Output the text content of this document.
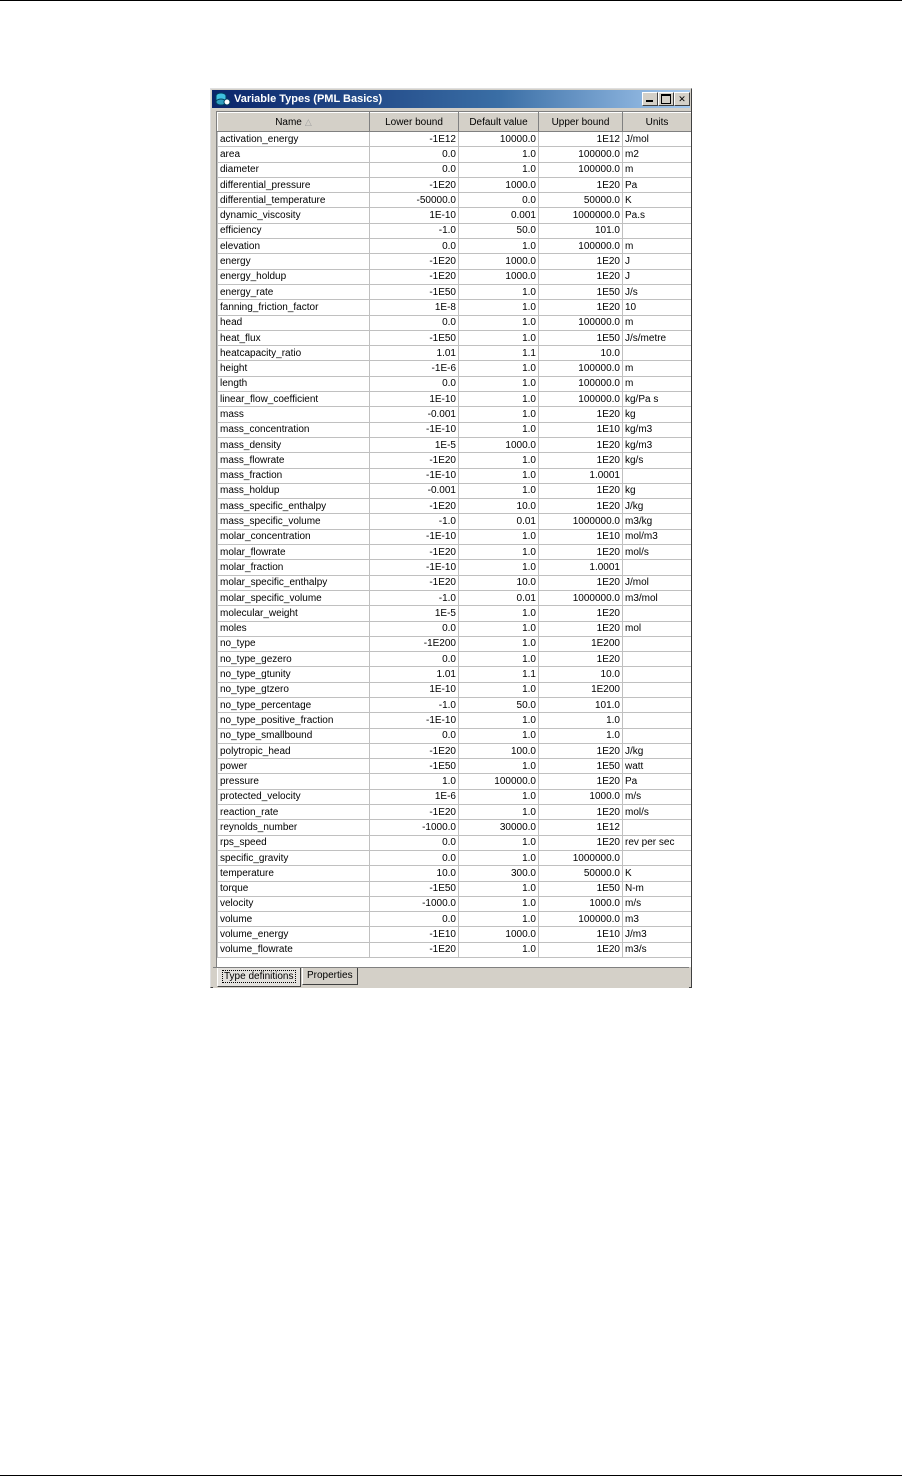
Variable Types (PML Basics)	✕
Name △	Lower bound	Default value	Upper bound	Units
activation_energy	-1E12	10000.0	1E12	J/mol
area	0.0	1.0	100000.0	m2
diameter	0.0	1.0	100000.0	m
differential_pressure	-1E20	1000.0	1E20	Pa
differential_temperature	-50000.0	0.0	50000.0	K
dynamic_viscosity	1E-10	0.001	1000000.0	Pa.s
efficiency	-1.0	50.0	101.0	
elevation	0.0	1.0	100000.0	m
energy	-1E20	1000.0	1E20	J
energy_holdup	-1E20	1000.0	1E20	J
energy_rate	-1E50	1.0	1E50	J/s
fanning_friction_factor	1E-8	1.0	1E20	10
head	0.0	1.0	100000.0	m
heat_flux	-1E50	1.0	1E50	J/s/metre
heatcapacity_ratio	1.01	1.1	10.0	
height	-1E-6	1.0	100000.0	m
length	0.0	1.0	100000.0	m
linear_flow_coefficient	1E-10	1.0	100000.0	kg/Pa s
mass	-0.001	1.0	1E20	kg
mass_concentration	-1E-10	1.0	1E10	kg/m3
mass_density	1E-5	1000.0	1E20	kg/m3
mass_flowrate	-1E20	1.0	1E20	kg/s
mass_fraction	-1E-10	1.0	1.0001	
mass_holdup	-0.001	1.0	1E20	kg
mass_specific_enthalpy	-1E20	10.0	1E20	J/kg
mass_specific_volume	-1.0	0.01	1000000.0	m3/kg
molar_concentration	-1E-10	1.0	1E10	mol/m3
molar_flowrate	-1E20	1.0	1E20	mol/s
molar_fraction	-1E-10	1.0	1.0001	
molar_specific_enthalpy	-1E20	10.0	1E20	J/mol
molar_specific_volume	-1.0	0.01	1000000.0	m3/mol
molecular_weight	1E-5	1.0	1E20	
moles	0.0	1.0	1E20	mol
no_type	-1E200	1.0	1E200	
no_type_gezero	0.0	1.0	1E20	
no_type_gtunity	1.01	1.1	10.0	
no_type_gtzero	1E-10	1.0	1E200	
no_type_percentage	-1.0	50.0	101.0	
no_type_positive_fraction	-1E-10	1.0	1.0	
no_type_smallbound	0.0	1.0	1.0	
polytropic_head	-1E20	100.0	1E20	J/kg
power	-1E50	1.0	1E50	watt
pressure	1.0	100000.0	1E20	Pa
protected_velocity	1E-6	1.0	1000.0	m/s
reaction_rate	-1E20	1.0	1E20	mol/s
reynolds_number	-1000.0	30000.0	1E12	
rps_speed	0.0	1.0	1E20	rev per sec
specific_gravity	0.0	1.0	1000000.0	
temperature	10.0	300.0	50000.0	K
torque	-1E50	1.0	1E50	N-m
velocity	-1000.0	1.0	1000.0	m/s
volume	0.0	1.0	100000.0	m3
volume_energy	-1E10	1000.0	1E10	J/m3
volume_flowrate	-1E20	1.0	1E20	m3/s
Type definitions	Properties
